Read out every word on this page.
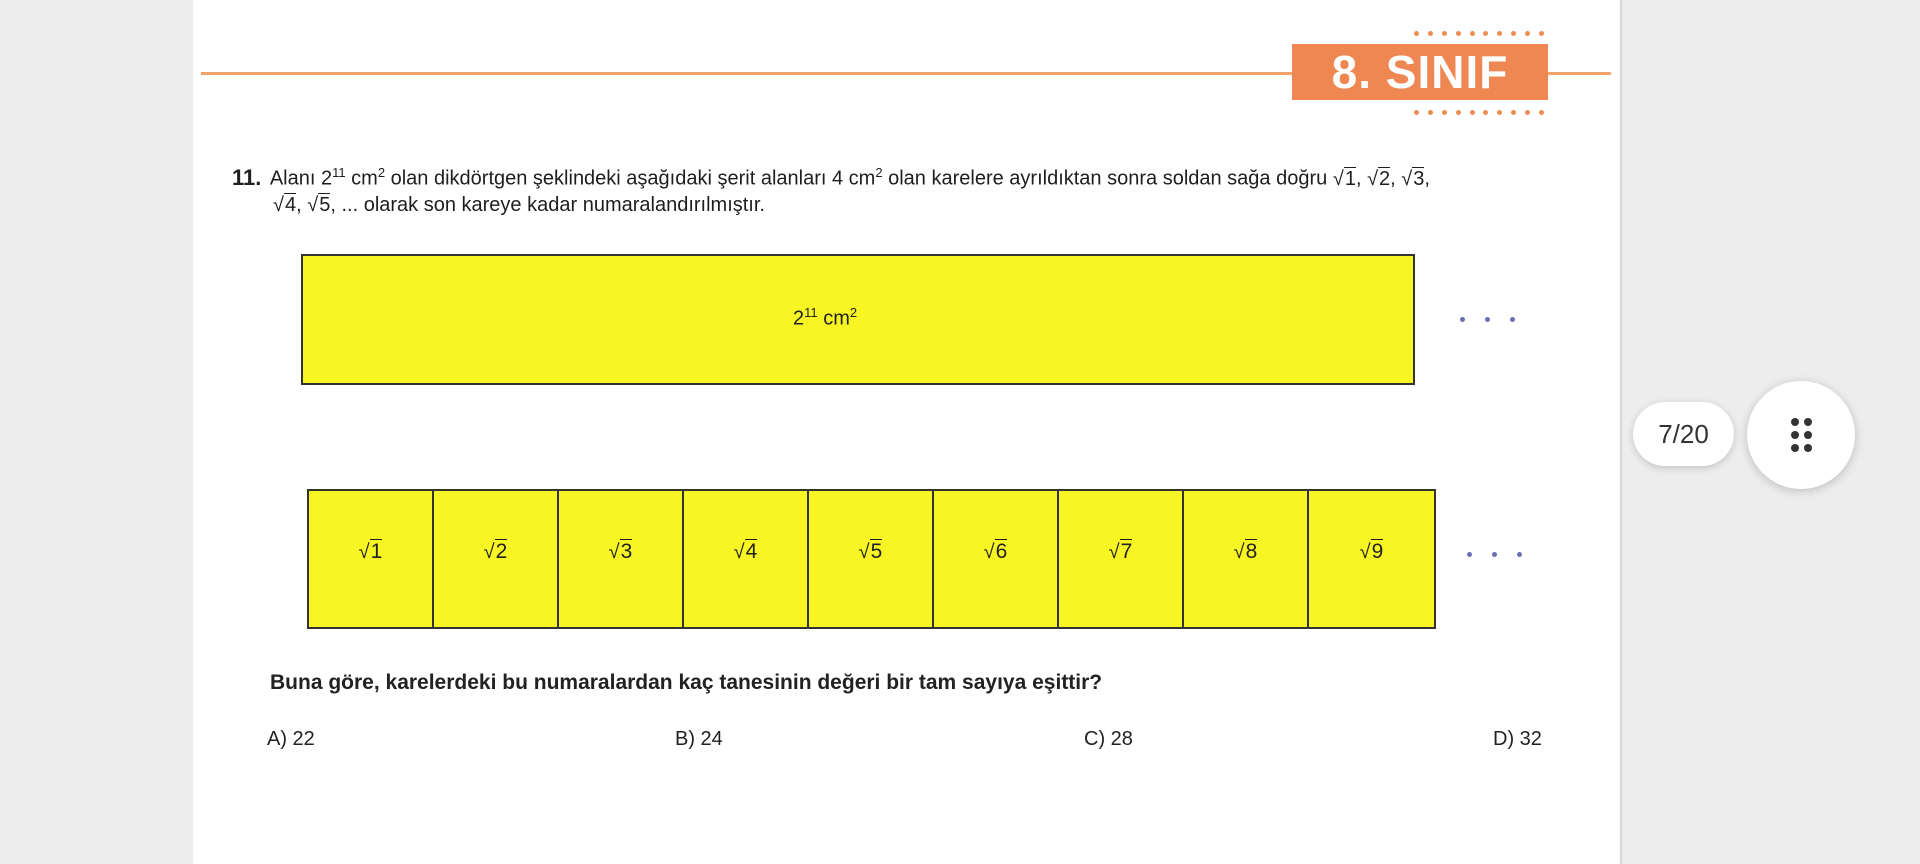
8. SINIF
11. Alanı $2^{11}$ $cm^2$ olan dikdörtgen şeklindeki aşağıdaki şerit alanları 4 $cm^2$ olan karelere ayrıldıktan sonra soldan sağa doğru √1, √2, √3,
√4, √5, ... olarak son kareye kadar numaralandırılmıştır.
$2^{11}$ $cm^2$
√1	√2	√3	√4	√5	√6	√7	√8	√9
Buna göre, karelerdeki bu numaralardan kaç tanesinin değeri bir tam sayıya eşittir?
A) 22	B) 24	C) 28	D) 32
7/20
